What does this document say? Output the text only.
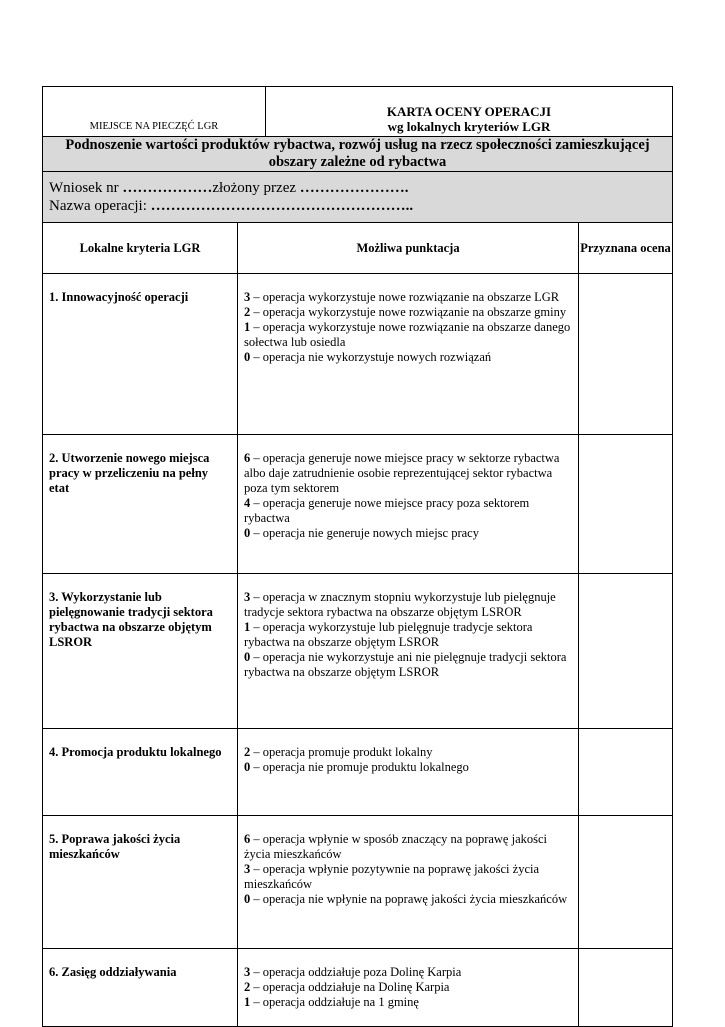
MIEJSCE NA PIECZĘĆ LGR	
KARTA OCENY OPERACJI
wg lokalnych kryteriów LGR

Podnoszenie wartości produktów rybactwa, rozwój usług na rzecz społeczności zamieszkującej obszary zależne od rybactwa

Wniosek nr ………………złożony przez ………………….
Nazwa operacji: ……………………………………………..
Lokalne kryteria LGR	Możliwa punktacja	Przyznana ocena
1. Innowacyjność operacji	3 – operacja wykorzystuje nowe rozwiązanie na obszarze LGR
2 – operacja wykorzystuje nowe rozwiązanie na obszarze gminy
1 – operacja wykorzystuje nowe rozwiązanie na obszarze danego sołectwa lub osiedla
0 – operacja nie wykorzystuje nowych rozwiązań	

2. Utworzenie nowego miejsca pracy w przeliczeniu na pełny etat	6 – operacja generuje nowe miejsce pracy w sektorze rybactwa albo daje zatrudnienie osobie reprezentującej sektor rybactwa poza tym sektorem
4 – operacja generuje nowe miejsce pracy poza sektorem rybactwa
0 – operacja nie generuje nowych miejsc pracy	

3. Wykorzystanie lub pielęgnowanie tradycji sektora rybactwa na obszarze objętym LSROR	3 – operacja w znacznym stopniu wykorzystuje lub pielęgnuje tradycje sektora rybactwa na obszarze objętym LSROR
1 – operacja wykorzystuje lub pielęgnuje tradycje sektora rybactwa na obszarze objętym LSROR
0 – operacja nie wykorzystuje ani nie pielęgnuje tradycji sektora rybactwa na obszarze objętym LSROR	

4. Promocja produktu lokalnego	2 – operacja promuje produkt lokalny
0 – operacja nie promuje produktu lokalnego	

5. Poprawa jakości życia mieszkańców	6 – operacja wpłynie w sposób znaczący na poprawę jakości życia mieszkańców
3 – operacja wpłynie pozytywnie na poprawę jakości życia mieszkańców
0 – operacja nie wpłynie na poprawę jakości życia mieszkańców	

6. Zasięg oddziaływania	3 – operacja oddziałuje poza Dolinę Karpia
2 – operacja oddziałuje na Dolinę Karpia
1 – operacja oddziałuje na 1 gminę	
